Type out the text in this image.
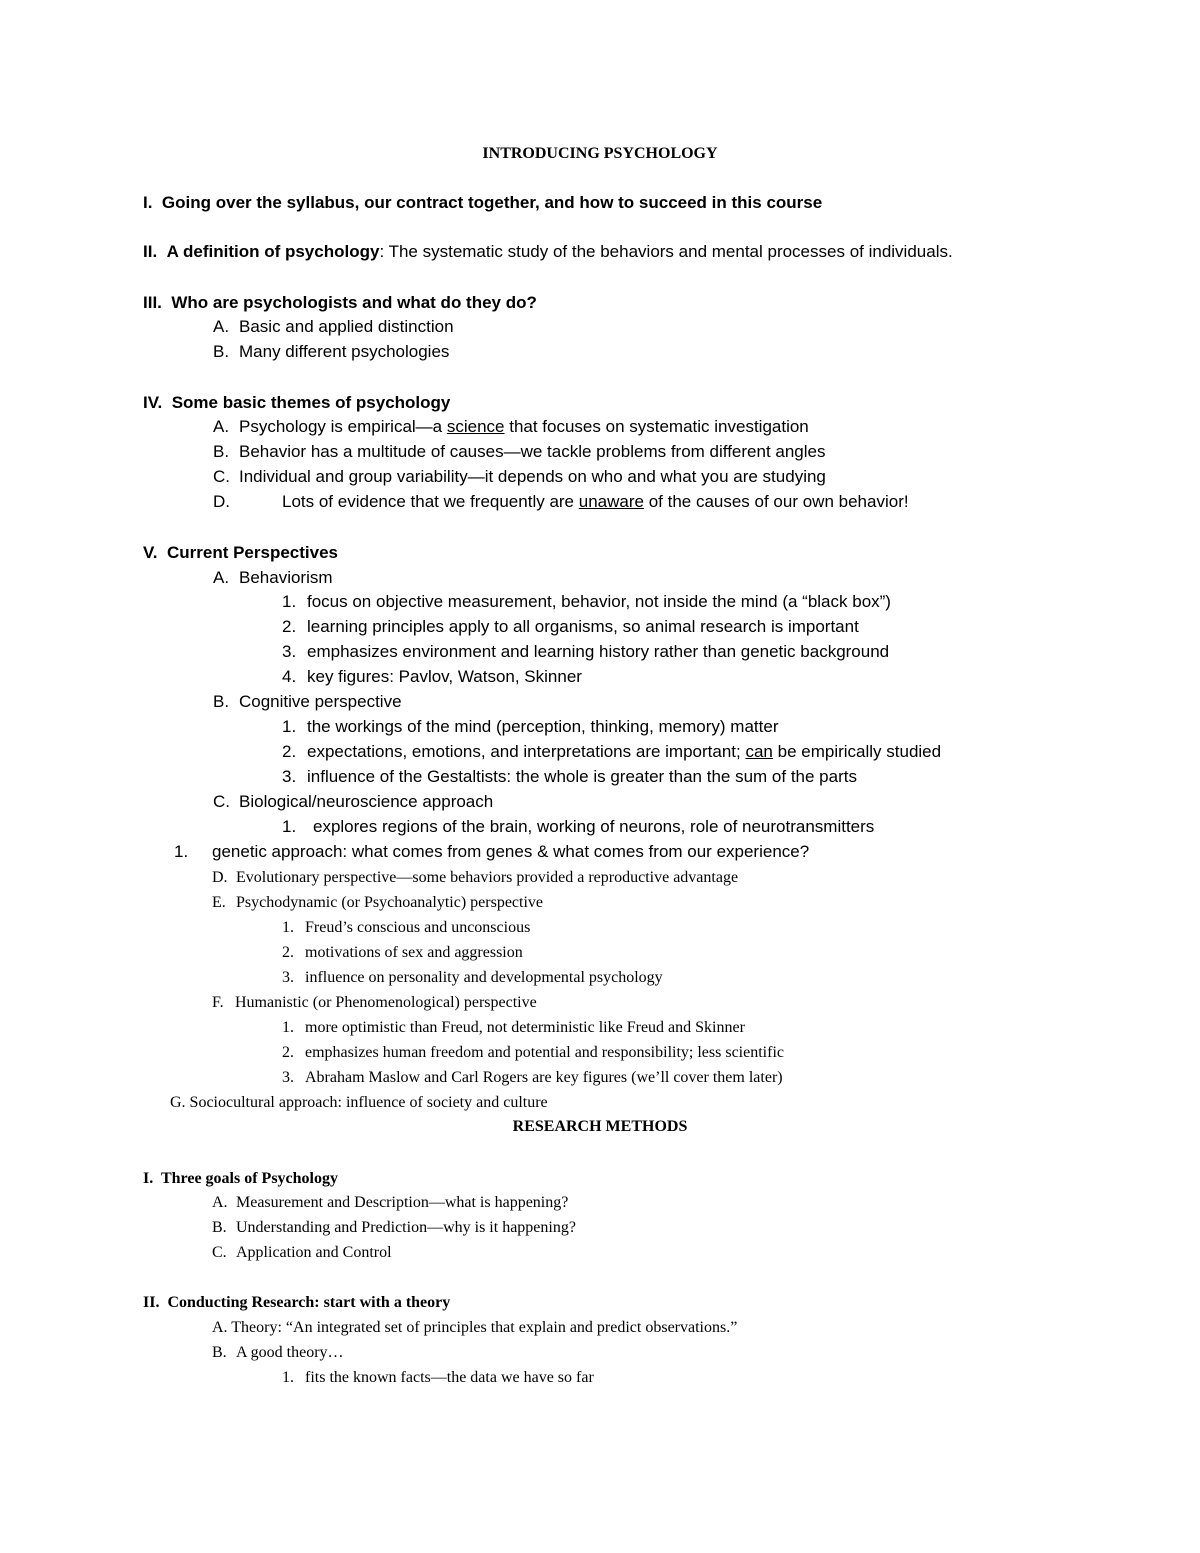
INTRODUCING PSYCHOLOGY
I. Going over the syllabus, our contract together, and how to succeed in this course
II. A definition of psychology: The systematic study of the behaviors and mental processes of individuals.
III. Who are psychologists and what do they do?
A. Basic and applied distinction
B. Many different psychologies
IV. Some basic themes of psychology
A. Psychology is empirical—a science that focuses on systematic investigation
B. Behavior has a multitude of causes—we tackle problems from different angles
C. Individual and group variability—it depends on who and what you are studying
D.	Lots of evidence that we frequently are unaware of the causes of our own behavior!
V. Current Perspectives
A. Behaviorism
1. focus on objective measurement, behavior, not inside the mind (a “black box”)
2. learning principles apply to all organisms, so animal research is important
3. emphasizes environment and learning history rather than genetic background
4. key figures: Pavlov, Watson, Skinner
B. Cognitive perspective
1. the workings of the mind (perception, thinking, memory) matter
2. expectations, emotions, and interpretations are important; can be empirically studied
3. influence of the Gestaltists: the whole is greater than the sum of the parts
C. Biological/neuroscience approach
1. explores regions of the brain, working of neurons, role of neurotransmitters
1. genetic approach: what comes from genes & what comes from our experience?
D. Evolutionary perspective—some behaviors provided a reproductive advantage
E. Psychodynamic (or Psychoanalytic) perspective
1. Freud’s conscious and unconscious
2. motivations of sex and aggression
3. influence on personality and developmental psychology
F. Humanistic (or Phenomenological) perspective
1. more optimistic than Freud, not deterministic like Freud and Skinner
2. emphasizes human freedom and potential and responsibility; less scientific
3. Abraham Maslow and Carl Rogers are key figures (we’ll cover them later)
G. Sociocultural approach: influence of society and culture
RESEARCH METHODS
I. Three goals of Psychology
A. Measurement and Description—what is happening?
B. Understanding and Prediction—why is it happening?
C. Application and Control
II. Conducting Research: start with a theory
A. Theory: “An integrated set of principles that explain and predict observations.”
B. A good theory…
1. fits the known facts—the data we have so far
